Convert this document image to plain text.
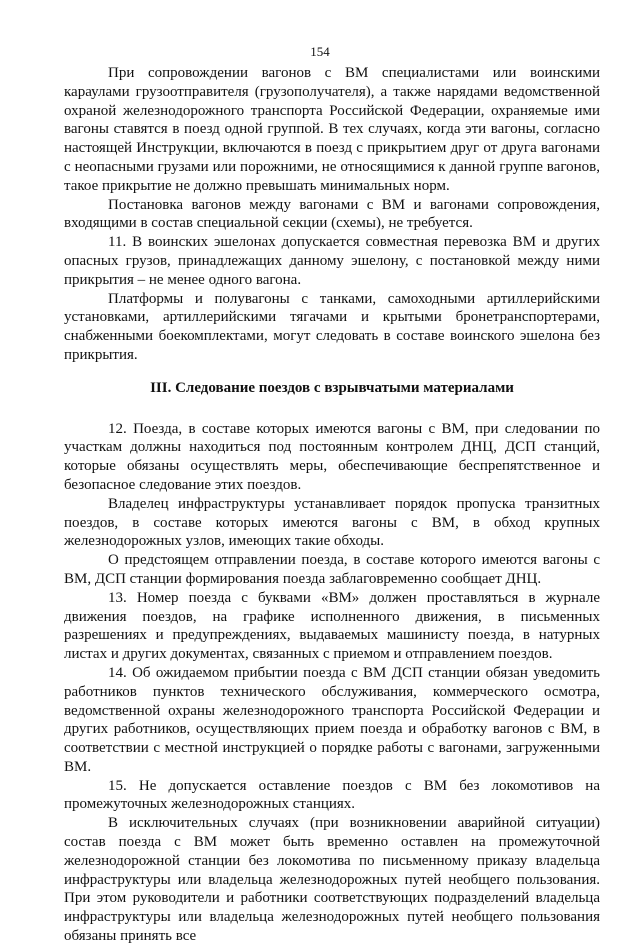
154

При сопровождении вагонов с ВМ специалистами или воинскими караулами грузоотправителя (грузополучателя), а также нарядами ведомственной охраной железнодорожного транспорта Российской Федерации, охраняемые ими вагоны ставятся в поезд одной группой. В тех случаях, когда эти вагоны, согласно настоящей Инструкции, включаются в поезд с прикрытием друг от друга вагонами с неопасными грузами или порожними, не относящимися к данной группе вагонов, такое прикрытие не должно превышать минимальных норм.

Постановка вагонов между вагонами с ВМ и вагонами сопровождения, входящими в состав специальной секции (схемы), не требуется.

11. В воинских эшелонах допускается совместная перевозка ВМ и других опасных грузов, принадлежащих данному эшелону, с постановкой между ними прикрытия – не менее одного вагона.

Платформы и полувагоны с танками, самоходными артиллерийскими установками, артиллерийскими тягачами и крытыми бронетранспортерами, снабженными боекомплектами, могут следовать в составе воинского эшелона без прикрытия.

III. Следование поездов с взрывчатыми материалами

12. Поезда, в составе которых имеются вагоны с ВМ, при следовании по участкам должны находиться под постоянным контролем ДНЦ, ДСП станций, которые обязаны осуществлять меры, обеспечивающие беспрепятственное и безопасное следование этих поездов.

Владелец инфраструктуры устанавливает порядок пропуска транзитных поездов, в составе которых имеются вагоны с ВМ, в обход крупных железнодорожных узлов, имеющих такие обходы.

О предстоящем отправлении поезда, в составе которого имеются вагоны с ВМ, ДСП станции формирования поезда заблаговременно сообщает ДНЦ.

13. Номер поезда с буквами «ВМ» должен проставляться в журнале движения поездов, на графике исполненного движения, в письменных разрешениях и предупреждениях, выдаваемых машинисту поезда, в натурных листах и других документах, связанных с приемом и отправлением поездов.

14. Об ожидаемом прибытии поезда с ВМ ДСП станции обязан уведомить работников пунктов технического обслуживания, коммерческого осмотра, ведомственной охраны железнодорожного транспорта Российской Федерации и других работников, осуществляющих прием поезда и обработку вагонов с ВМ, в соответствии с местной инструкцией о порядке работы с вагонами, загруженными ВМ.

15. Не допускается оставление поездов с ВМ без локомотивов на промежуточных железнодорожных станциях.

В исключительных случаях (при возникновении аварийной ситуации) состав поезда с ВМ может быть временно оставлен на промежуточной железнодорожной станции без локомотива по письменному приказу владельца инфраструктуры или владельца железнодорожных путей необщего пользования. При этом руководители и работники соответствующих подразделений владельца инфраструктуры или владельца железнодорожных путей необщего пользования обязаны принять все
